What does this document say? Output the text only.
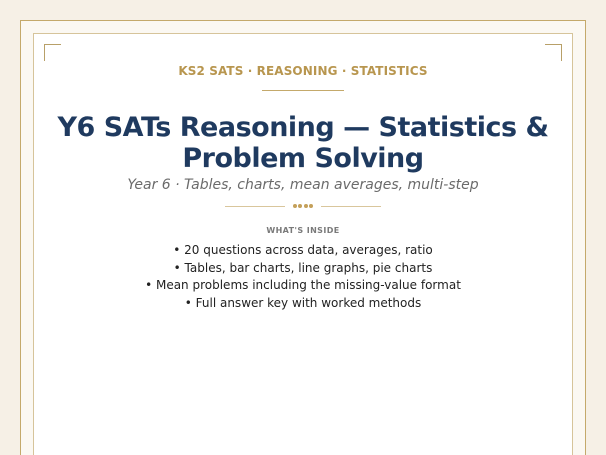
KS2 SATS · REASONING · STATISTICS
Y6 SATs Reasoning — Statistics &
Problem Solving
Year 6 · Tables, charts, mean averages, multi-step
WHAT'S INSIDE
• 20 questions across data, averages, ratio
• Tables, bar charts, line graphs, pie charts
• Mean problems including the missing-value format
• Full answer key with worked methods
